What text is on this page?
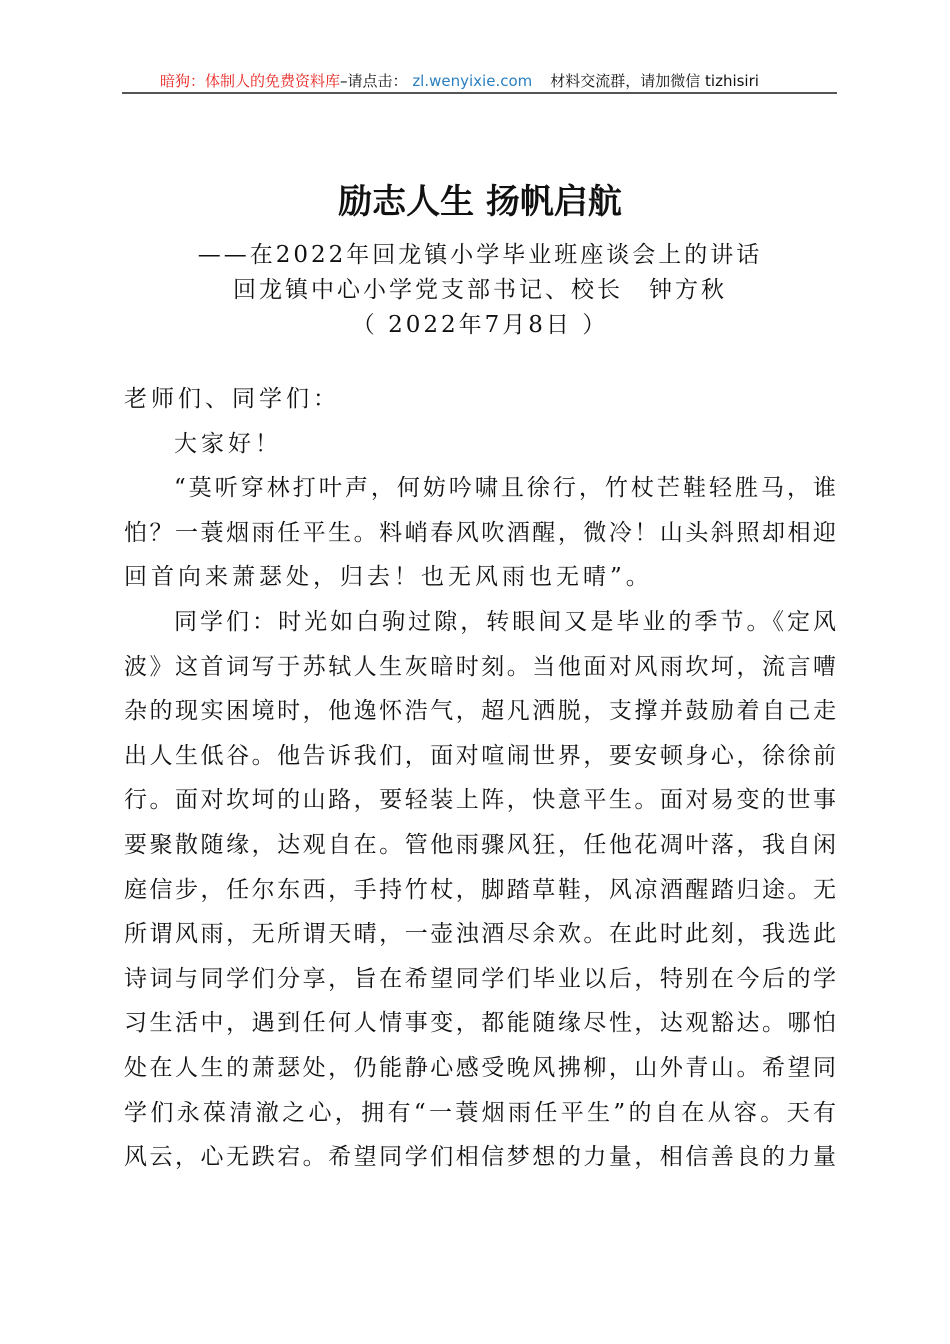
暗狗：体制人的免费资料库–请点击： zl.wenyixie.com 材料交流群，请加微信 tizhisiri
励志人生 扬帆启航
——在2022年回龙镇小学毕业班座谈会上的讲话
回龙镇中心小学党支部书记、校长　钟方秋
（ 2022年7月8日 ）
老师们、同学们：
大家好！
“莫听穿林打叶声，何妨吟啸且徐行，竹杖芒鞋轻胜马，谁
怕？一蓑烟雨任平生。料峭春风吹酒醒，微冷！山头斜照却相迎
回首向来萧瑟处，归去！也无风雨也无晴”。
同学们：时光如白驹过隙，转眼间又是毕业的季节。《定风
波》这首词写于苏轼人生灰暗时刻。当他面对风雨坎坷，流言嘈
杂的现实困境时，他逸怀浩气，超凡洒脱，支撑并鼓励着自己走
出人生低谷。他告诉我们，面对喧闹世界，要安顿身心，徐徐前
行。面对坎坷的山路，要轻装上阵，快意平生。面对易变的世事
要聚散随缘，达观自在。管他雨骤风狂，任他花凋叶落，我自闲
庭信步，任尔东西，手持竹杖，脚踏草鞋，风凉酒醒踏归途。无
所谓风雨，无所谓天晴，一壶浊酒尽余欢。在此时此刻，我选此
诗词与同学们分享，旨在希望同学们毕业以后，特别在今后的学
习生活中，遇到任何人情事变，都能随缘尽性，达观豁达。哪怕
处在人生的萧瑟处，仍能静心感受晚风拂柳，山外青山。希望同
学们永葆清澈之心，拥有“一蓑烟雨任平生”的自在从容。天有
风云，心无跌宕。希望同学们相信梦想的力量，相信善良的力量
